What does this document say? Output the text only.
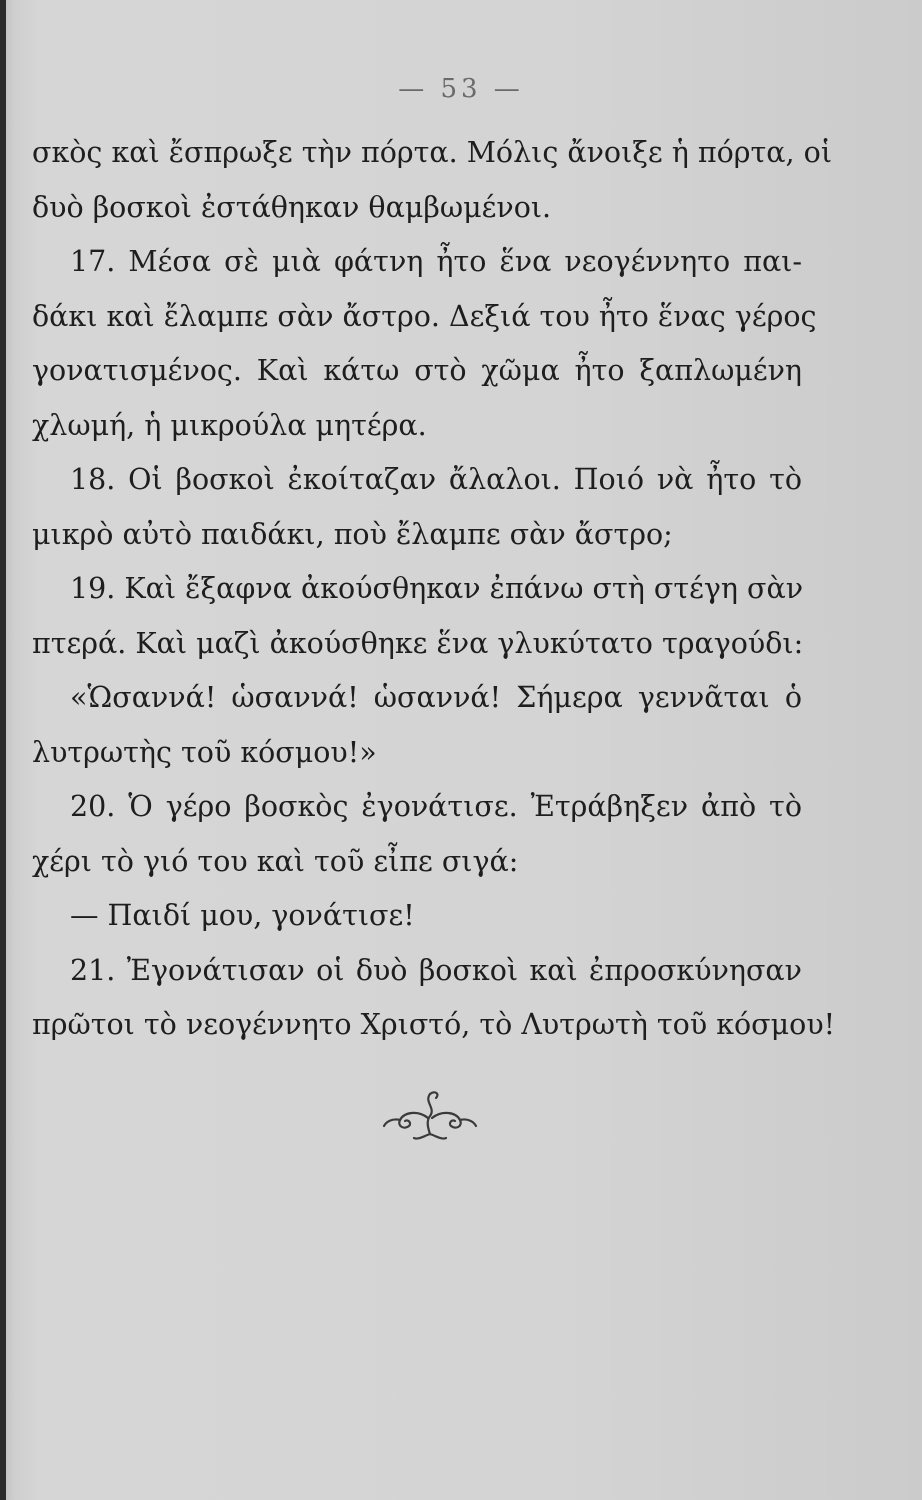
— 53 —
σκὸς καὶ ἔσπρωξε τὴν πόρτα. Μόλις ἄνοιξε ἡ πόρτα, οἱ
δυὸ βοσκοὶ ἐστάθηκαν θαμβωμένοι.
17. Μέσα σὲ μιὰ φάτνη ἦτο ἕνα νεογέννητο παι-
δάκι καὶ ἔλαμπε σὰν ἄστρο. Δεξιά του ἦτο ἕνας γέρος
γονατισμένος. Καὶ κάτω στὸ χῶμα ἦτο ξαπλωμένη
χλωμή, ἡ μικρούλα μητέρα.
18. Οἱ βοσκοὶ ἐκοίταζαν ἄλαλοι. Ποιό νὰ ἦτο τὸ
μικρὸ αὐτὸ παιδάκι, ποὺ ἔλαμπε σὰν ἄστρο;
19. Καὶ ἔξαφνα ἀκούσθηκαν ἐπάνω στὴ στέγη σὰν
πτερά. Καὶ μαζὶ ἀκούσθηκε ἕνα γλυκύτατο τραγούδι:
«Ὡσαννά! ὡσαννά! ὡσαννά! Σήμερα γεννᾶται ὁ
λυτρωτὴς τοῦ κόσμου!»
20. Ὁ γέρο βοσκὸς ἐγονάτισε. Ἐτράβηξεν ἀπὸ τὸ
χέρι τὸ γιό του καὶ τοῦ εἶπε σιγά:
— Παιδί μου, γονάτισε!
21. Ἐγονάτισαν οἱ δυὸ βοσκοὶ καὶ ἐπροσκύνησαν
πρῶτοι τὸ νεογέννητο Χριστό, τὸ Λυτρωτὴ τοῦ κόσμου!
